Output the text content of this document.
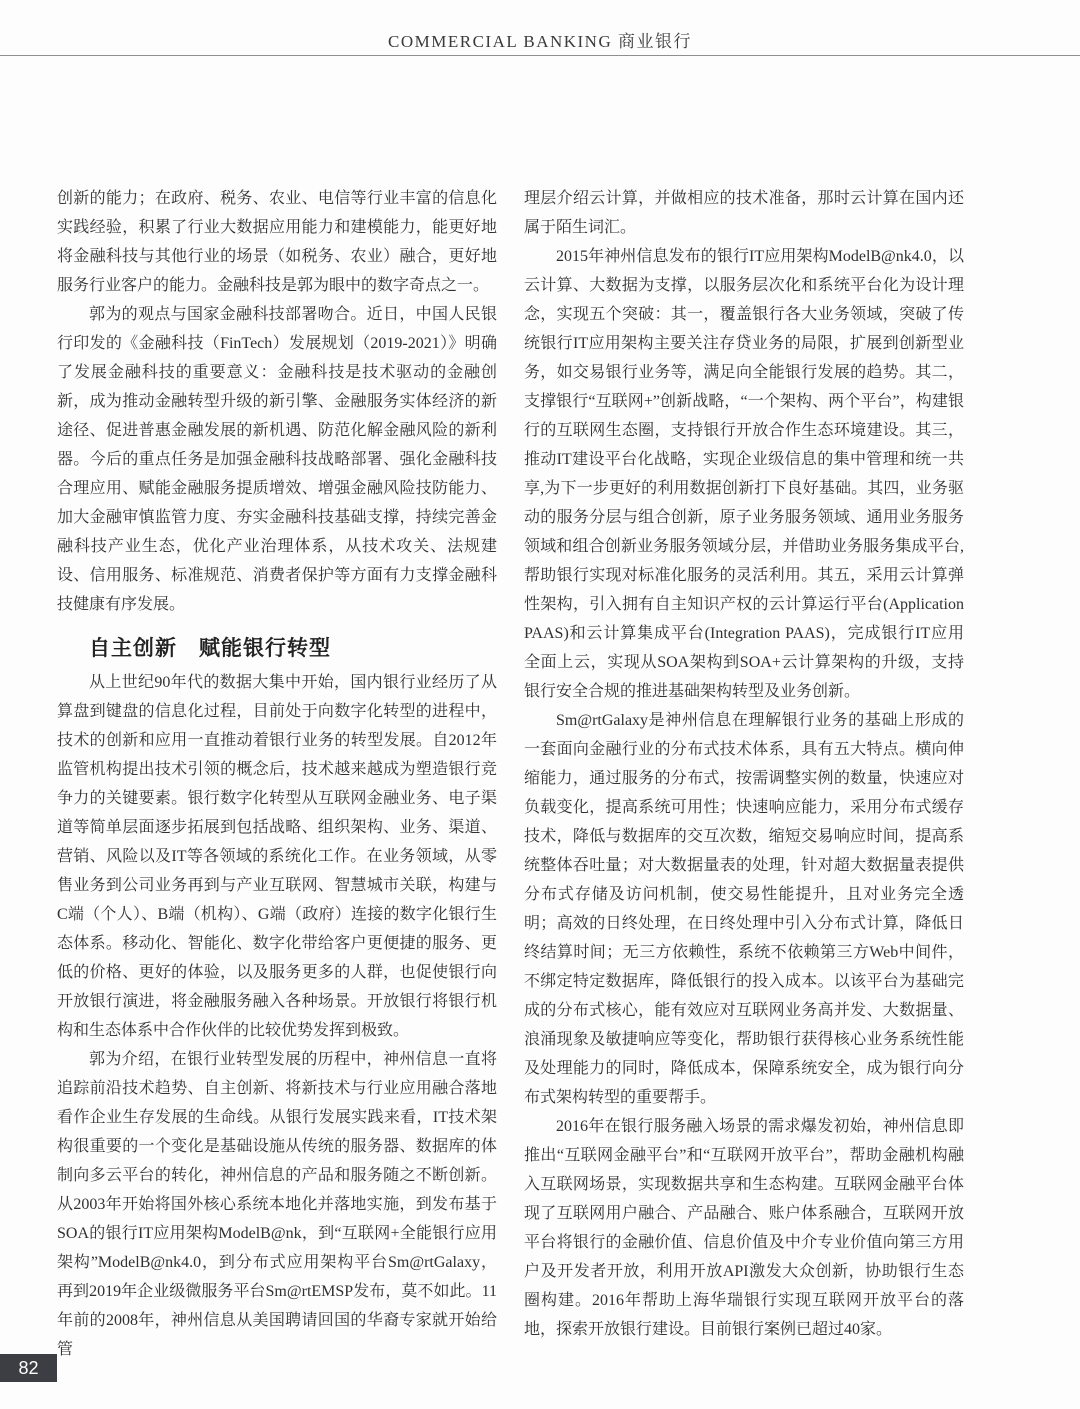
COMMERCIAL BANKING 商业银行

创新的能力；在政府、税务、农业、电信等行业丰富的信息化实践经验，积累了行业大数据应用能力和建模能力，能更好地将金融科技与其他行业的场景（如税务、农业）融合，更好地服务行业客户的能力。金融科技是郭为眼中的数字奇点之一。

郭为的观点与国家金融科技部署吻合。近日，中国人民银行印发的《金融科技（FinTech）发展规划（2019-2021）》明确了发展金融科技的重要意义：金融科技是技术驱动的金融创新，成为推动金融转型升级的新引擎、金融服务实体经济的新途径、促进普惠金融发展的新机遇、防范化解金融风险的新利器。今后的重点任务是加强金融科技战略部署、强化金融科技合理应用、赋能金融服务提质增效、增强金融风险技防能力、加大金融审慎监管力度、夯实金融科技基础支撑，持续完善金融科技产业生态，优化产业治理体系，从技术攻关、法规建设、信用服务、标准规范、消费者保护等方面有力支撑金融科技健康有序发展。

自主创新　赋能银行转型

从上世纪90年代的数据大集中开始，国内银行业经历了从算盘到键盘的信息化过程，目前处于向数字化转型的进程中，技术的创新和应用一直推动着银行业务的转型发展。自2012年监管机构提出技术引领的概念后，技术越来越成为塑造银行竞争力的关键要素。银行数字化转型从互联网金融业务、电子渠道等简单层面逐步拓展到包括战略、组织架构、业务、渠道、营销、风险以及IT等各领域的系统化工作。在业务领域，从零售业务到公司业务再到与产业互联网、智慧城市关联，构建与C端（个人）、B端（机构）、G端（政府）连接的数字化银行生态体系。移动化、智能化、数字化带给客户更便捷的服务、更低的价格、更好的体验，以及服务更多的人群，也促使银行向开放银行演进，将金融服务融入各种场景。开放银行将银行机构和生态体系中合作伙伴的比较优势发挥到极致。

郭为介绍，在银行业转型发展的历程中，神州信息一直将追踪前沿技术趋势、自主创新、将新技术与行业应用融合落地看作企业生存发展的生命线。从银行发展实践来看，IT技术架构很重要的一个变化是基础设施从传统的服务器、数据库的体制向多云平台的转化，神州信息的产品和服务随之不断创新。从2003年开始将国外核心系统本地化并落地实施，到发布基于SOA的银行IT应用架构ModelB@nk，到“互联网+全能银行应用架构”ModelB@nk4.0，到分布式应用架构平台Sm@rtGalaxy，再到2019年企业级微服务平台Sm@rtEMSP发布，莫不如此。11年前的2008年，神州信息从美国聘请回国的华裔专家就开始给管

理层介绍云计算，并做相应的技术准备，那时云计算在国内还属于陌生词汇。

2015年神州信息发布的银行IT应用架构ModelB@nk4.0，以云计算、大数据为支撑，以服务层次化和系统平台化为设计理念，实现五个突破：其一，覆盖银行各大业务领域，突破了传统银行IT应用架构主要关注存贷业务的局限，扩展到创新型业务，如交易银行业务等，满足向全能银行发展的趋势。其二，支撑银行“互联网+”创新战略，“一个架构、两个平台”，构建银行的互联网生态圈，支持银行开放合作生态环境建设。其三，推动IT建设平台化战略，实现企业级信息的集中管理和统一共享,为下一步更好的利用数据创新打下良好基础。其四，业务驱动的服务分层与组合创新，原子业务服务领域、通用业务服务领域和组合创新业务服务领域分层，并借助业务服务集成平台,帮助银行实现对标准化服务的灵活利用。其五，采用云计算弹性架构，引入拥有自主知识产权的云计算运行平台(Application PAAS)和云计算集成平台(Integration PAAS)，完成银行IT应用全面上云，实现从SOA架构到SOA+云计算架构的升级，支持银行安全合规的推进基础架构转型及业务创新。

Sm@rtGalaxy是神州信息在理解银行业务的基础上形成的一套面向金融行业的分布式技术体系，具有五大特点。横向伸缩能力，通过服务的分布式，按需调整实例的数量，快速应对负载变化，提高系统可用性；快速响应能力，采用分布式缓存技术，降低与数据库的交互次数，缩短交易响应时间，提高系统整体吞吐量；对大数据量表的处理，针对超大数据量表提供分布式存储及访问机制，使交易性能提升，且对业务完全透明；高效的日终处理，在日终处理中引入分布式计算，降低日终结算时间；无三方依赖性，系统不依赖第三方Web中间件，不绑定特定数据库，降低银行的投入成本。以该平台为基础完成的分布式核心，能有效应对互联网业务高并发、大数据量、浪涌现象及敏捷响应等变化，帮助银行获得核心业务系统性能及处理能力的同时，降低成本，保障系统安全，成为银行向分布式架构转型的重要帮手。

2016年在银行服务融入场景的需求爆发初始，神州信息即推出“互联网金融平台”和“互联网开放平台”，帮助金融机构融入互联网场景，实现数据共享和生态构建。互联网金融平台体现了互联网用户融合、产品融合、账户体系融合，互联网开放平台将银行的金融价值、信息价值及中介专业价值向第三方用户及开发者开放，利用开放API激发大众创新，协助银行生态圈构建。2016年帮助上海华瑞银行实现互联网开放平台的落地，探索开放银行建设。目前银行案例已超过40家。

82
